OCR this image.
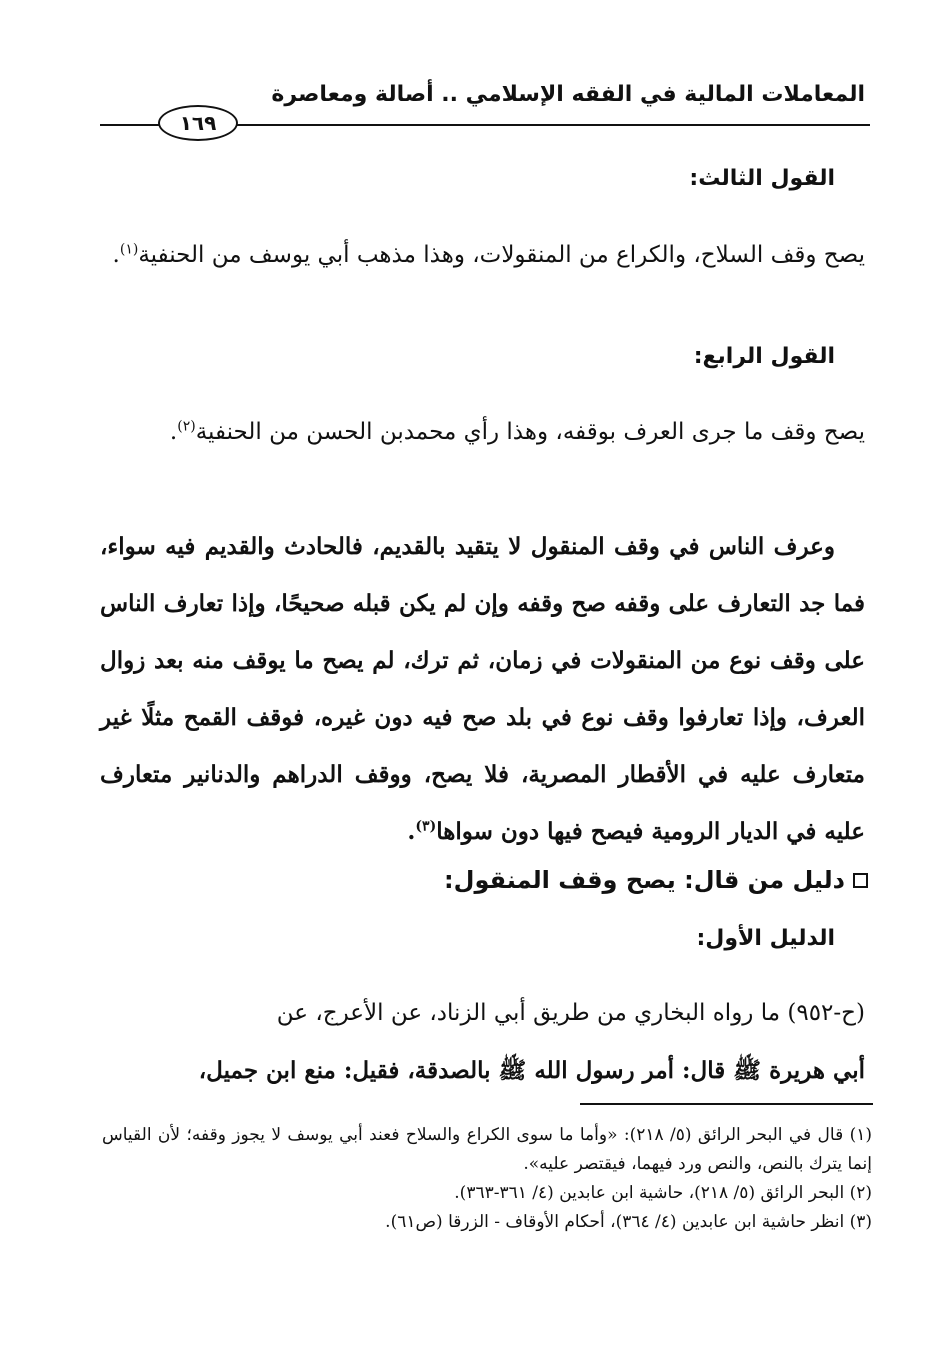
المعاملات المالية في الفقه الإسلامي .. أصالة ومعاصرة
١٦٩
القول الثالث:
يصح وقف السلاح، والكراع من المنقولات، وهذا مذهب أبي يوسف من الحنفية$^{(١)}$.
القول الرابع:
يصح وقف ما جرى العرف بوقفه، وهذا رأي محمدبن الحسن من الحنفية$^{(٢)}$.
وعرف الناس في وقف المنقول لا يتقيد بالقديم، فالحادث والقديم فيه سواء، فما جد التعارف على وقفه صح وقفه وإن لم يكن قبله صحيحًا، وإذا تعارف الناس على وقف نوع من المنقولات في زمان، ثم ترك، لم يصح ما يوقف منه بعد زوال العرف، وإذا تعارفوا وقف نوع في بلد صح فيه دون غيره، فوقف القمح مثلًا غير متعارف عليه في الأقطار المصرية، فلا يصح، ووقف الدراهم والدنانير متعارف عليه في الديار الرومية فيصح فيها دون سواها$^{(٣)}$.
دليل من قال: يصح وقف المنقول:
الدليل الأول:
(ح-٩٥٢) ما رواه البخاري من طريق أبي الزناد، عن الأعرج، عن
أبي هريرة ﷺ قال: أمر رسول الله ﷺ بالصدقة، فقيل: منع ابن جميل،

(١) قال في البحر الرائق (٥/ ٢١٨): «وأما ما سوى الكراع والسلاح فعند أبي يوسف لا يجوز وقفه؛ لأن القياس إنما يترك بالنص، والنص ورد فيهما، فيقتصر عليه».

(٢) البحر الرائق (٥/ ٢١٨)، حاشية ابن عابدين (٤/ ٣٦١-٣٦٣).

(٣) انظر حاشية ابن عابدين (٤/ ٣٦٤)، أحكام الأوقاف - الزرقا (ص٦١).
